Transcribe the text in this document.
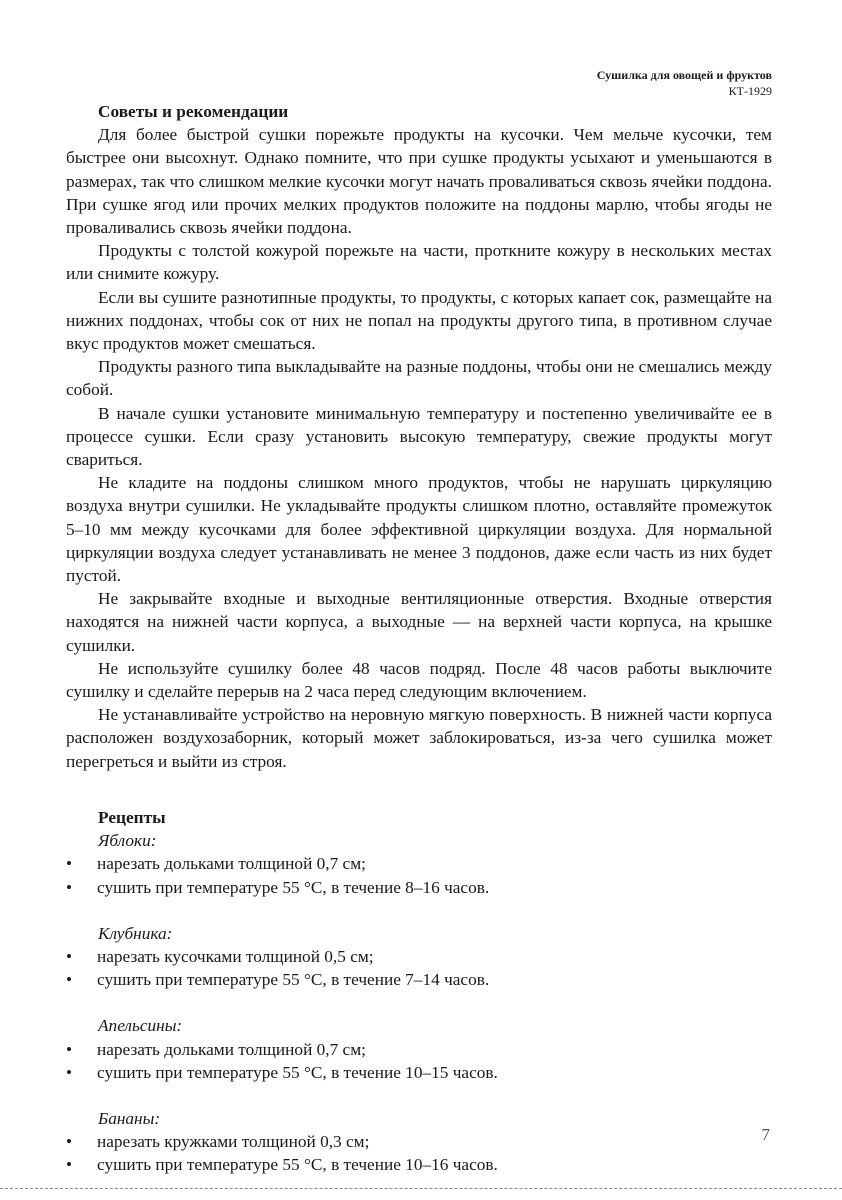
Сушилка для овощей и фруктов
КТ-1929
Советы и рекомендации

Для более быстрой сушки порежьте продукты на кусочки. Чем мельче кусочки, тем быстрее они высохнут. Однако помните, что при сушке продукты усыхают и уменьшаются в размерах, так что слишком мелкие кусочки могут начать проваливаться сквозь ячейки поддона. При сушке ягод или прочих мелких продуктов положите на поддоны марлю, чтобы ягоды не проваливались сквозь ячейки поддона.

Продукты с толстой кожурой порежьте на части, проткните кожуру в нескольких местах или снимите кожуру.

Если вы сушите разнотипные продукты, то продукты, с которых капает сок, размещайте на нижних поддонах, чтобы сок от них не попал на продукты другого типа, в противном случае вкус продуктов может смешаться.

Продукты разного типа выкладывайте на разные поддоны, чтобы они не смешались между собой.

В начале сушки установите минимальную температуру и постепенно увеличивайте ее в процессе сушки. Если сразу установить высокую температуру, свежие продукты могут свариться.

Не кладите на поддоны слишком много продуктов, чтобы не нарушать циркуляцию воздуха внутри сушилки. Не укладывайте продукты слишком плотно, оставляйте промежуток 5–10 мм между кусочками для более эффективной циркуляции воздуха. Для нормальной циркуляции воздуха следует устанавливать не менее 3 поддонов, даже если часть из них будет пустой.

Не закрывайте входные и выходные вентиляционные отверстия. Входные отверстия находятся на нижней части корпуса, а выходные — на верхней части корпуса, на крышке сушилки.

Не используйте сушилку более 48 часов подряд. После 48 часов работы выключите сушилку и сделайте перерыв на 2 часа перед следующим включением.

Не устанавливайте устройство на неровную мягкую поверхность. В нижней части корпуса расположен воздухозаборник, который может заблокироваться, из-за чего сушилка может перегреться и выйти из строя.

Рецепты
Яблоки:
• нарезать дольками толщиной 0,7 см;
• сушить при температуре 55 °С, в течение 8–16 часов.
Клубника:
• нарезать кусочками толщиной 0,5 см;
• сушить при температуре 55 °С, в течение 7–14 часов.
Апельсины:
• нарезать дольками толщиной 0,7 см;
• сушить при температуре 55 °С, в течение 10–15 часов.
Бананы:
• нарезать кружками толщиной 0,3 см;
• сушить при температуре 55 °С, в течение 10–16 часов.
7
